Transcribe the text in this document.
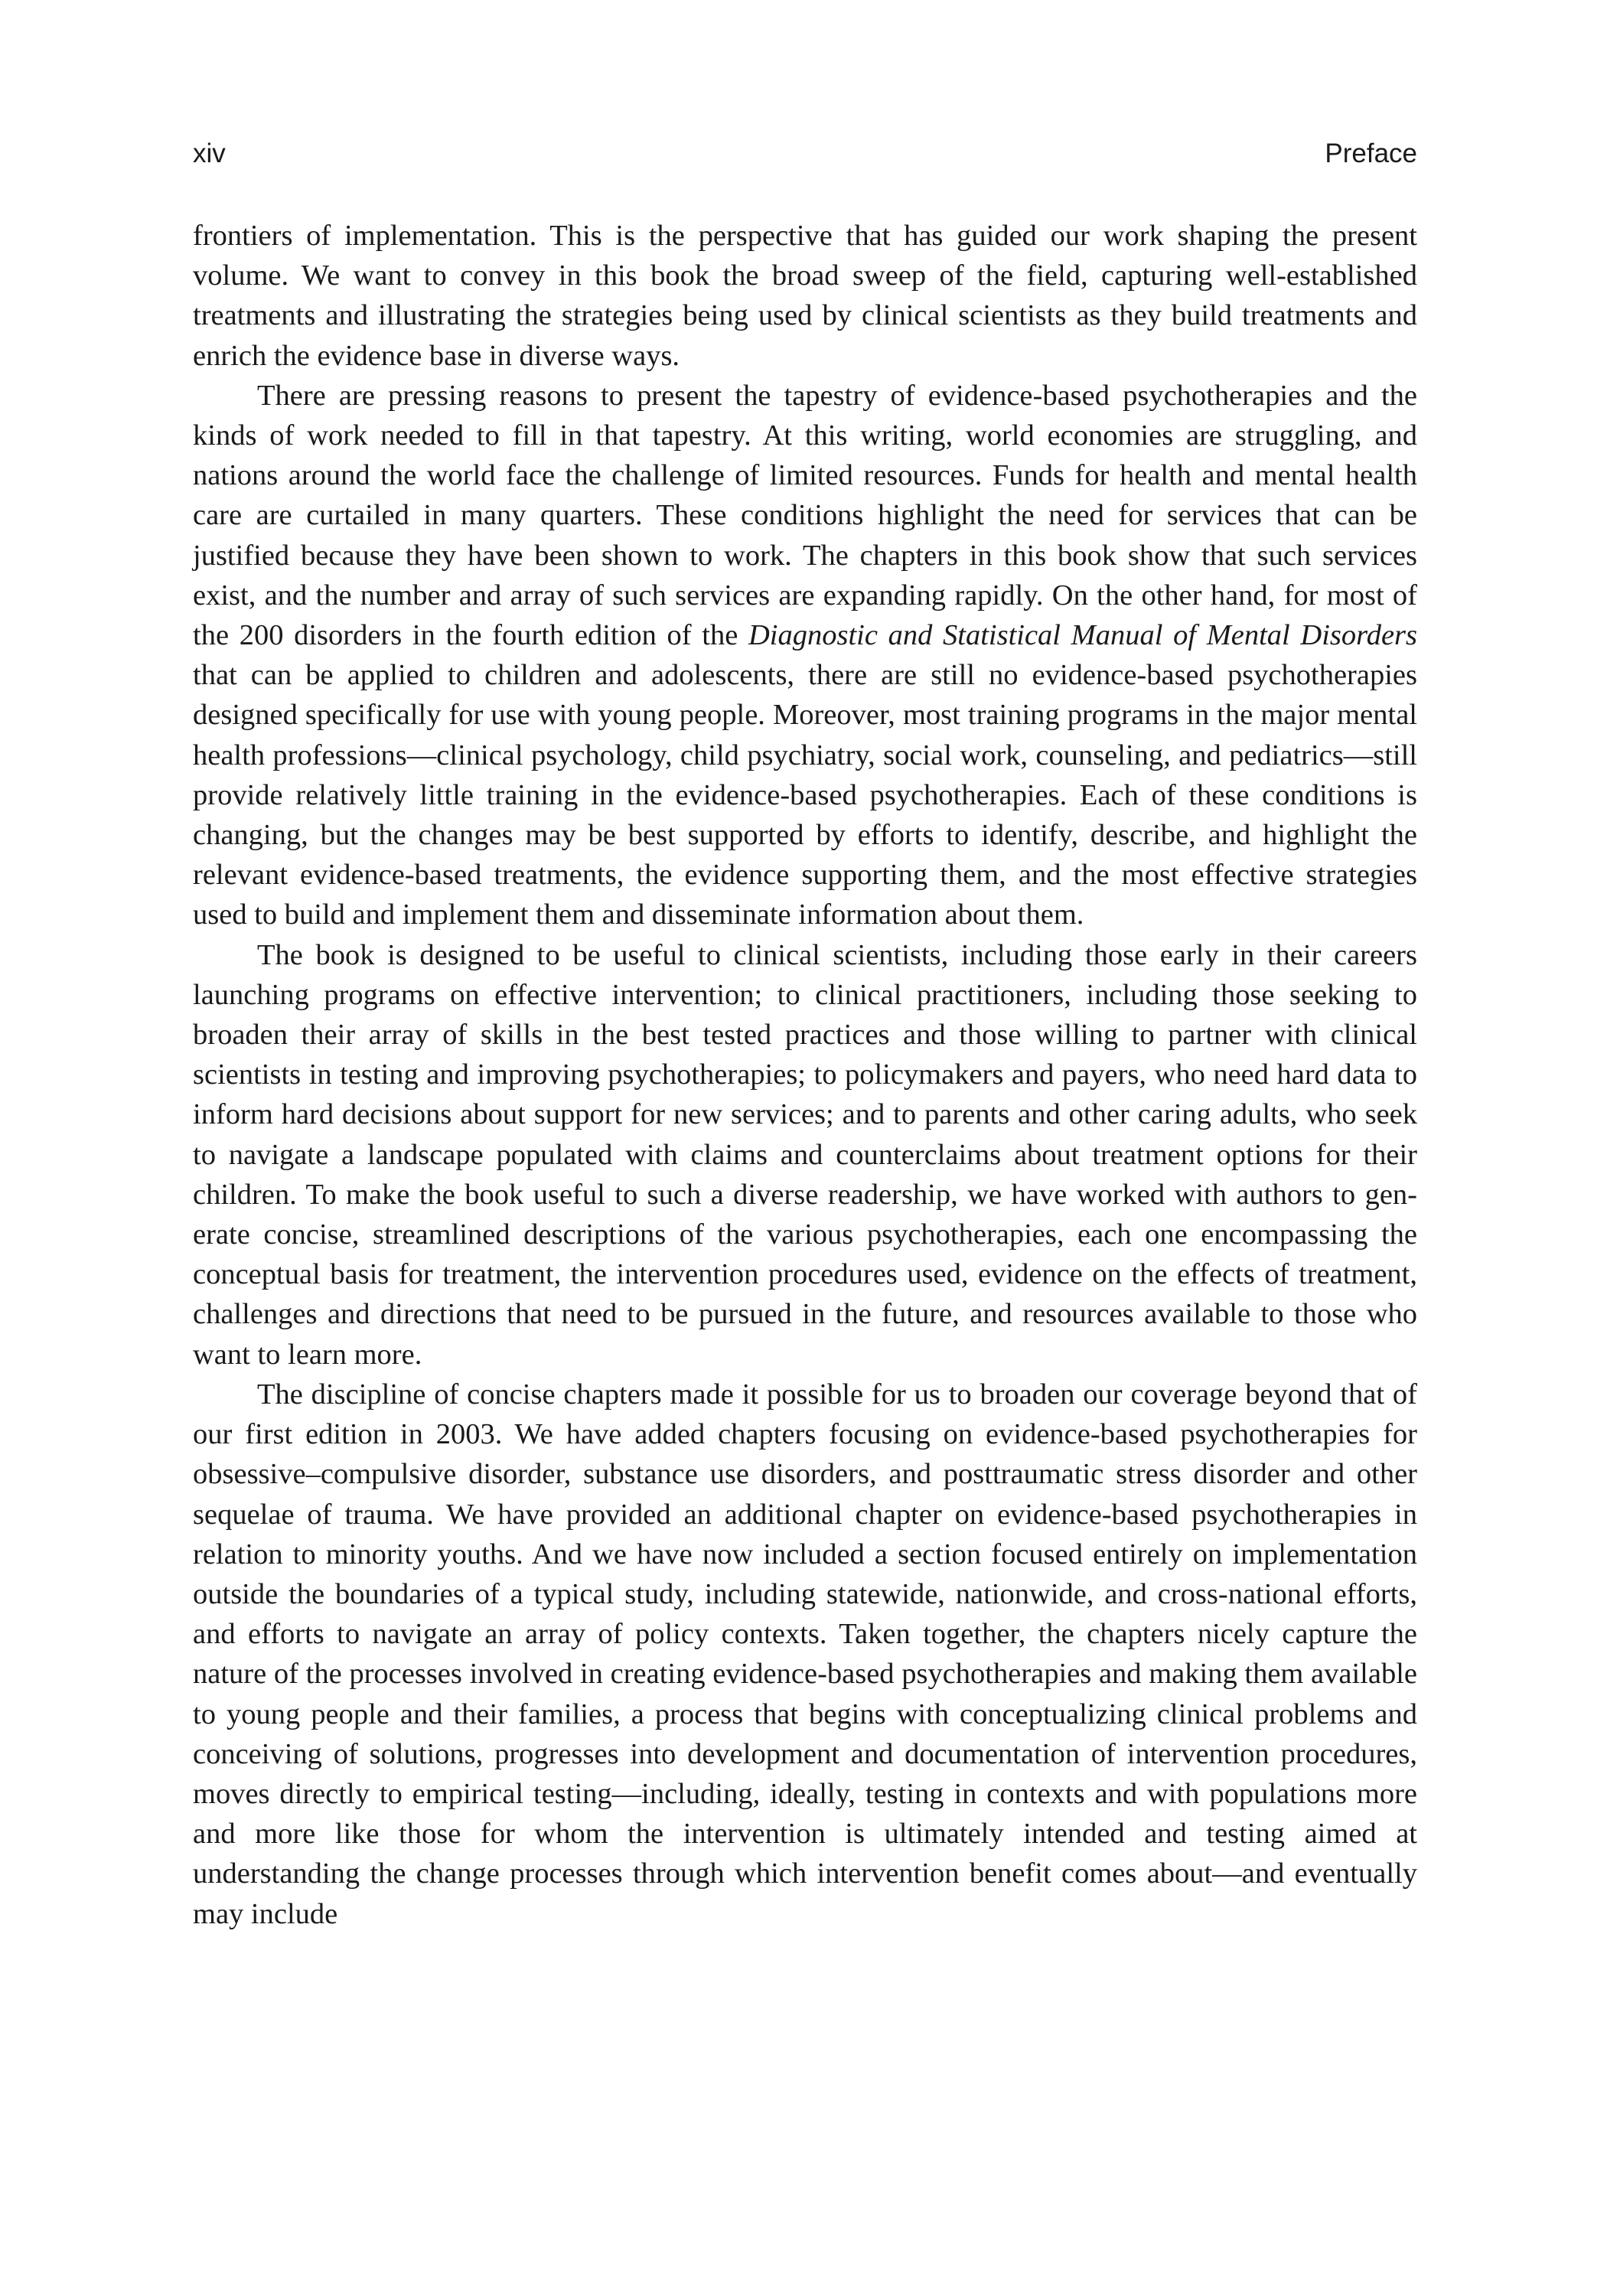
xiv	Preface

frontiers of implementation. This is the perspective that has guided our work shaping the present volume. We want to convey in this book the broad sweep of the field, capturing well-established treatments and illustrating the strategies being used by clinical scientists as they build treatments and enrich the evidence base in diverse ways.

There are pressing reasons to present the tapestry of evidence-based psychotherapies and the kinds of work needed to fill in that tapestry. At this writing, world economies are struggling, and nations around the world face the challenge of limited resources. Funds for health and mental health care are curtailed in many quarters. These conditions highlight the need for services that can be justified because they have been shown to work. The chapters in this book show that such services exist, and the number and array of such services are expanding rapidly. On the other hand, for most of the 200 disorders in the fourth edition of the Diagnostic and Statistical Manual of Mental Disorders that can be applied to children and adolescents, there are still no evidence-based psychotherapies designed specifically for use with young people. Moreover, most training programs in the major mental health professions—clinical psychology, child psychiatry, social work, counseling, and pediatrics—still provide relatively little training in the evidence-based psychotherapies. Each of these conditions is changing, but the changes may be best supported by efforts to identify, describe, and highlight the relevant evidence-based treatments, the evidence supporting them, and the most effective strategies used to build and implement them and disseminate information about them.

The book is designed to be useful to clinical scientists, including those early in their careers launching programs on effective intervention; to clinical practitioners, including those seeking to broaden their array of skills in the best tested practices and those willing to partner with clinical scientists in testing and improving psychotherapies; to policymakers and payers, who need hard data to inform hard decisions about support for new services; and to parents and other caring adults, who seek to navigate a landscape populated with claims and counterclaims about treatment options for their children. To make the book useful to such a diverse readership, we have worked with authors to generate concise, streamlined descriptions of the various psychotherapies, each one encompassing the conceptual basis for treatment, the intervention procedures used, evidence on the effects of treatment, challenges and directions that need to be pursued in the future, and resources available to those who want to learn more.

The discipline of concise chapters made it possible for us to broaden our coverage beyond that of our first edition in 2003. We have added chapters focusing on evidence-based psychotherapies for obsessive–compulsive disorder, substance use disorders, and posttraumatic stress disorder and other sequelae of trauma. We have provided an additional chapter on evidence-based psychotherapies in relation to minority youths. And we have now included a section focused entirely on implementation outside the boundaries of a typical study, including statewide, nationwide, and cross-national efforts, and efforts to navigate an array of policy contexts. Taken together, the chapters nicely capture the nature of the processes involved in creating evidence-based psychotherapies and making them available to young people and their families, a process that begins with conceptualizing clinical problems and conceiving of solutions, progresses into development and documentation of intervention procedures, moves directly to empirical testing—including, ideally, testing in contexts and with populations more and more like those for whom the intervention is ultimately intended and testing aimed at understanding the change processes through which intervention benefit comes about—and eventually may include
